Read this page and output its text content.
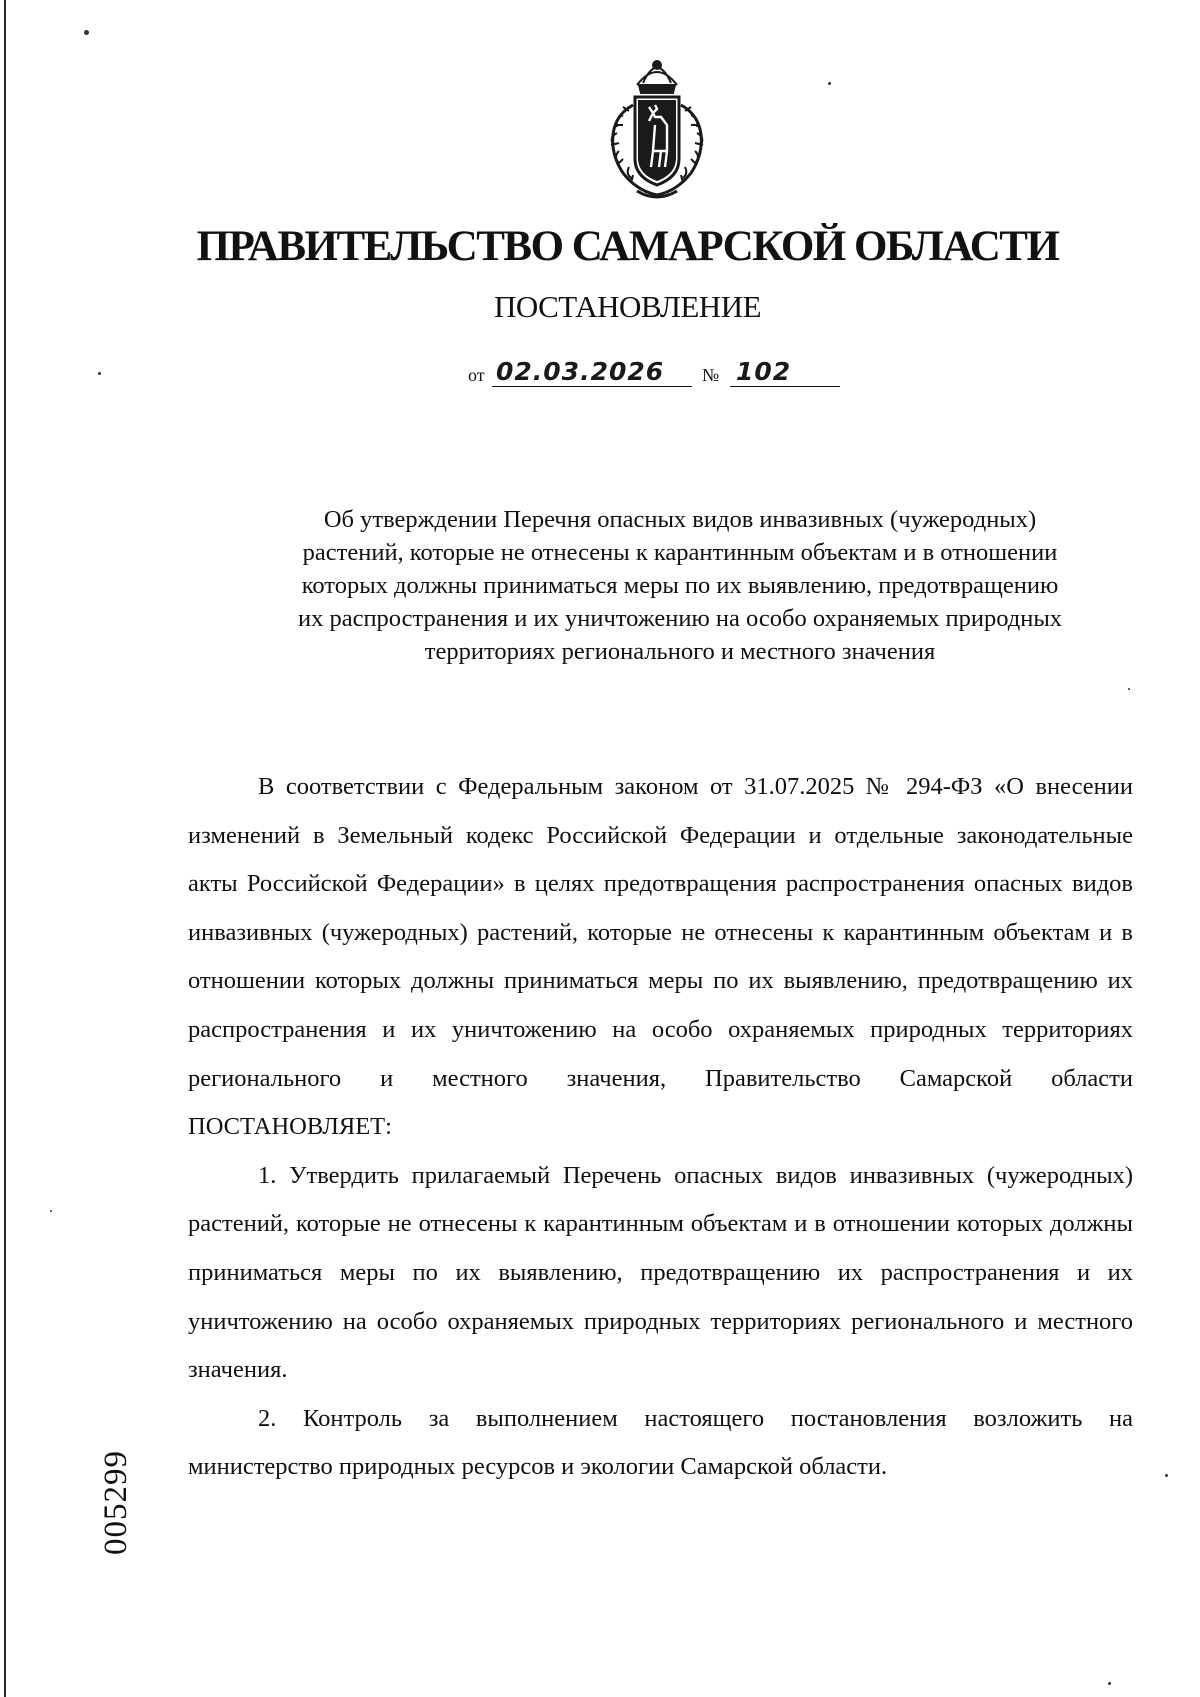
ПРАВИТЕЛЬСТВО САМАРСКОЙ ОБЛАСТИ
ПОСТАНОВЛЕНИЕ
от 02.03.2026 № 102
Об утверждении Перечня опасных видов инвазивных (чужеродных)
растений, которые не отнесены к карантинным объектам и в отношении
которых должны приниматься меры по их выявлению, предотвращению
их распространения и их уничтожению на особо охраняемых природных
территориях регионального и местного значения

В соответствии с Федеральным законом от 31.07.2025 № 294-ФЗ «О внесении изменений в Земельный кодекс Российской Федерации и отдельные законодательные акты Российской Федерации» в целях предотвращения распространения опасных видов инвазивных (чужеродных) растений, которые не отнесены к карантинным объектам и в отношении которых должны приниматься меры по их выявлению, предотвращению их распространения и их уничтожению на особо охраняемых природных территориях регионального и местного значения, Правительство Самарской области ПОСТАНОВЛЯЕТ:

1. Утвердить прилагаемый Перечень опасных видов инвазивных (чужеродных) растений, которые не отнесены к карантинным объектам и в отношении которых должны приниматься меры по их выявлению, предотвращению их распространения и их уничтожению на особо охраняемых природных территориях регионального и местного значения.

2. Контроль за выполнением настоящего постановления возложить на министерство природных ресурсов и экологии Самарской области.

005299
